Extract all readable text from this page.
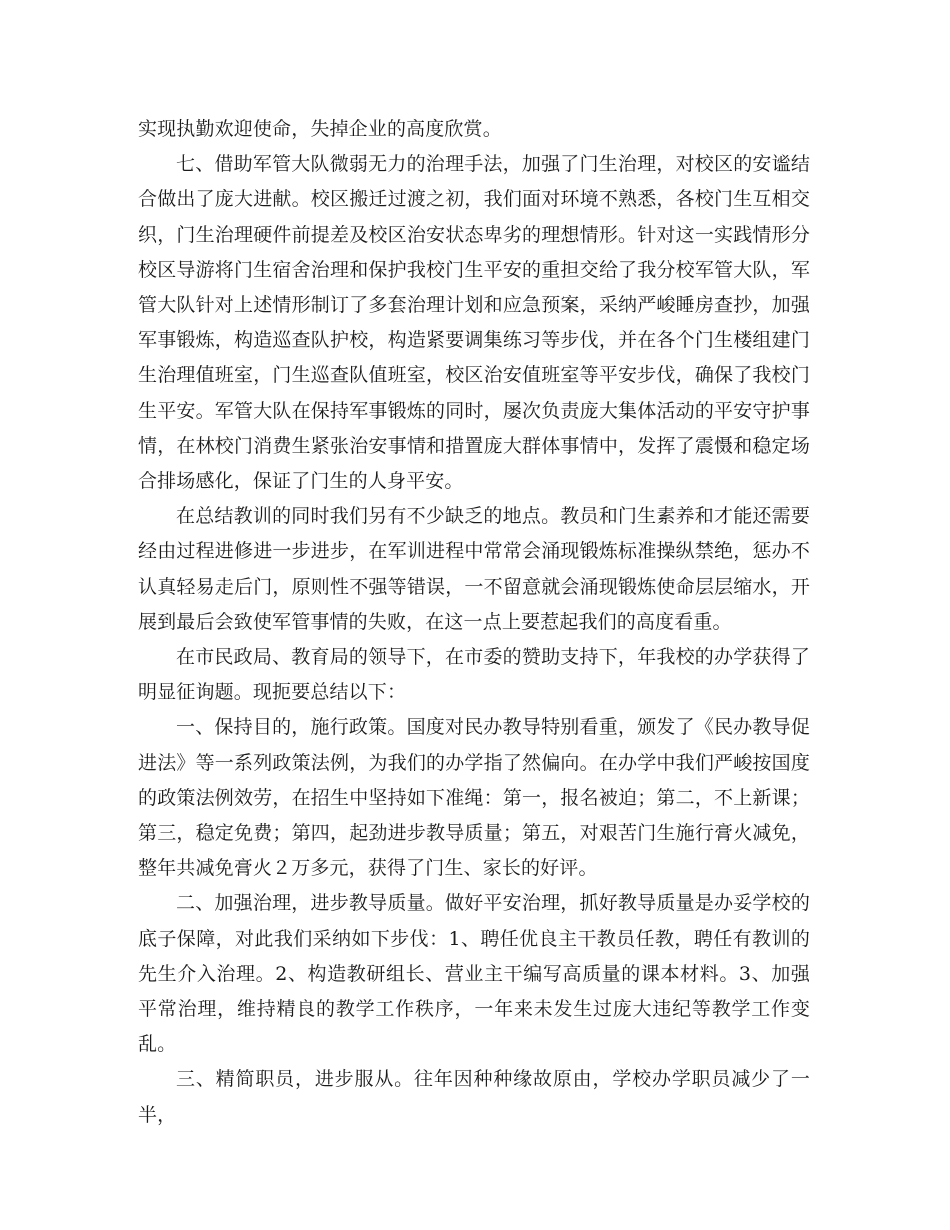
实现执勤欢迎使命，失掉企业的高度欣赏。

七、借助军管大队微弱无力的治理手法，加强了门生治理，对校区的安谧结合做出了庞大进献。校区搬迁过渡之初，我们面对环境不熟悉，各校门生互相交织，门生治理硬件前提差及校区治安状态卑劣的理想情形。针对这一实践情形分校区导游将门生宿舍治理和保护我校门生平安的重担交给了我分校军管大队，军管大队针对上述情形制订了多套治理计划和应急预案，采纳严峻睡房查抄，加强军事锻炼，构造巡查队护校，构造紧要调集练习等步伐，并在各个门生楼组建门生治理值班室，门生巡查队值班室，校区治安值班室等平安步伐，确保了我校门生平安。军管大队在保持军事锻炼的同时，屡次负责庞大集体活动的平安守护事情，在林校门消费生紧张治安事情和措置庞大群体事情中，发挥了震慑和稳定场合排场感化，保证了门生的人身平安。

在总结教训的同时我们另有不少缺乏的地点。教员和门生素养和才能还需要经由过程进修进一步进步，在军训进程中常常会涌现锻炼标准操纵禁绝，惩办不认真轻易走后门，原则性不强等错误，一不留意就会涌现锻炼使命层层缩水，开展到最后会致使军管事情的失败，在这一点上要惹起我们的高度看重。

在市民政局、教育局的领导下，在市委的赞助支持下，年我校的办学获得了明显征询题。现扼要总结以下：

一、保持目的，施行政策。国度对民办教导特别看重，颁发了《民办教导促进法》等一系列政策法例，为我们的办学指了然偏向。在办学中我们严峻按国度的政策法例效劳，在招生中坚持如下准绳：第一，报名被迫；第二，不上新课；第三，稳定免费；第四，起劲进步教导质量；第五，对艰苦门生施行膏火减免，整年共减免膏火２万多元，获得了门生、家长的好评。

二、加强治理，进步教导质量。做好平安治理，抓好教导质量是办妥学校的底子保障，对此我们采纳如下步伐：1、聘任优良主干教员任教，聘任有教训的先生介入治理。2、构造教研组长、营业主干编写高质量的课本材料。3、加强平常治理，维持精良的教学工作秩序，一年来未发生过庞大违纪等教学工作变乱。

三、精简职员，进步服从。往年因种种缘故原由，学校办学职员减少了一半，
